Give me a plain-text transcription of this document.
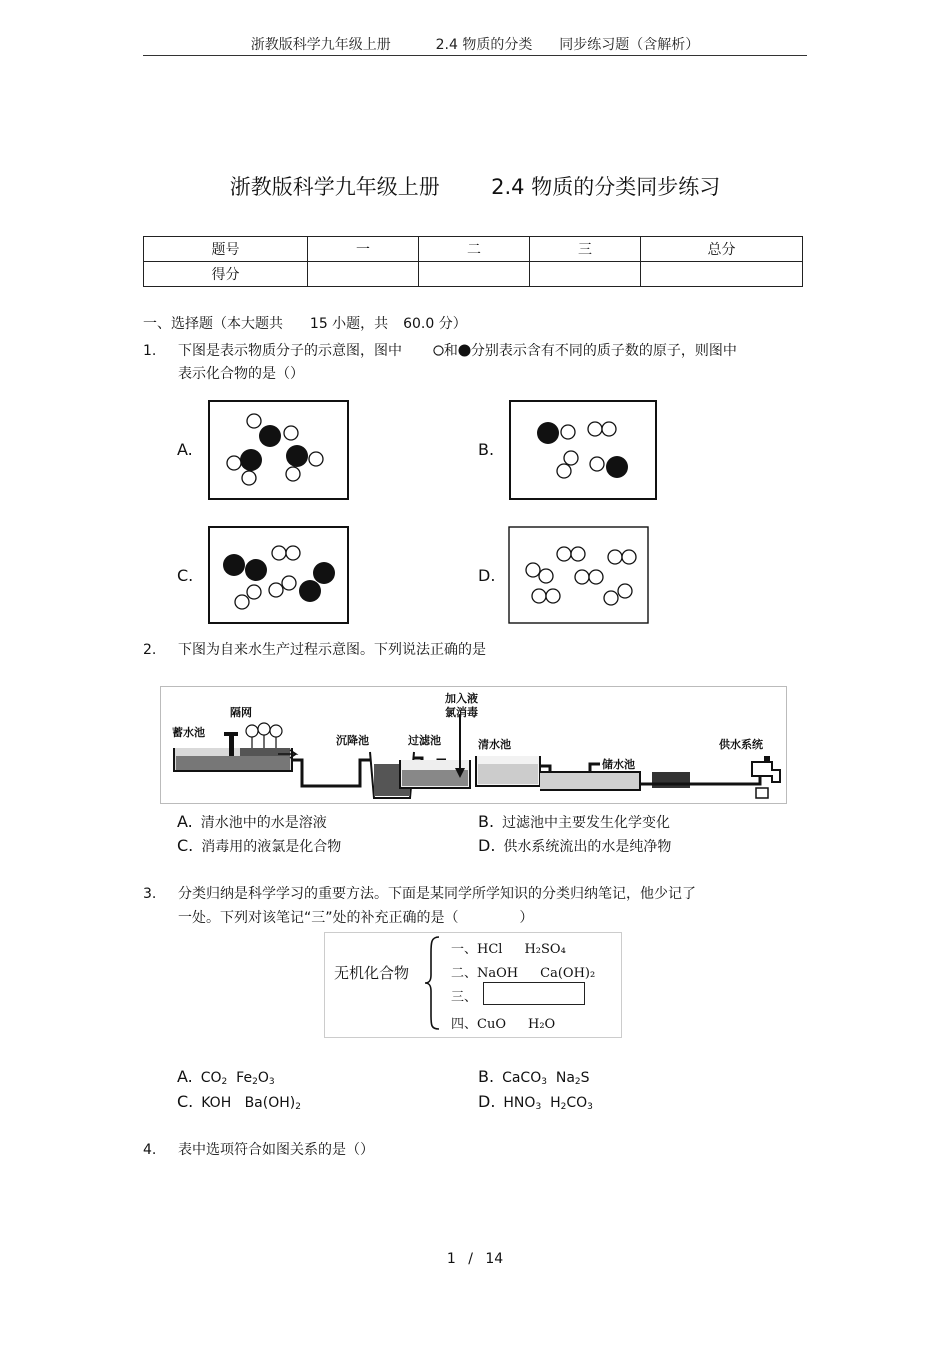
浙教版科学九年级上册	2.4 物质的分类 同步练习题（含解析）
浙教版科学九年级上册 2.4 物质的分类同步练习
题号	一	二	三	总分
得分				
一、选择题（本大题共 15 小题，共 60.0 分）
1. 下图是表示物质分子的示意图，图中	和 分别表示含有不同的质子数的原子，则图中
表示化合物的是（）
A.	B.
C.	D.
2. 下图为自来水生产过程示意图。下列说法正确的是
蓄水池
隔网
沉降池
加入液
氯消毒
过滤池	清水池
储水池
供水系统
A. 清水池中的水是溶液	B. 过滤池中主要发生化学变化
C. 消毒用的液氯是化合物	D. 供水系统流出的水是纯净物
3. 分类归纳是科学学习的重要方法。下面是某同学所学知识的分类归纳笔记，他少记了
一处。下列对该笔记“三”处的补充正确的是（	）
无机化合物
一、HCl H₂SO₄
二、NaOH Ca(OH)₂
三、
四、CuO H₂O
A. $CO_2$  $Fe_2O_3$	B. CaCO$_3$  $Na_2S$
C. KOH   $Ba(OH)_2$	D. $HNO_3$  $H_2CO_3$
4. 表中选项符合如图关系的是（）
1 / 14
